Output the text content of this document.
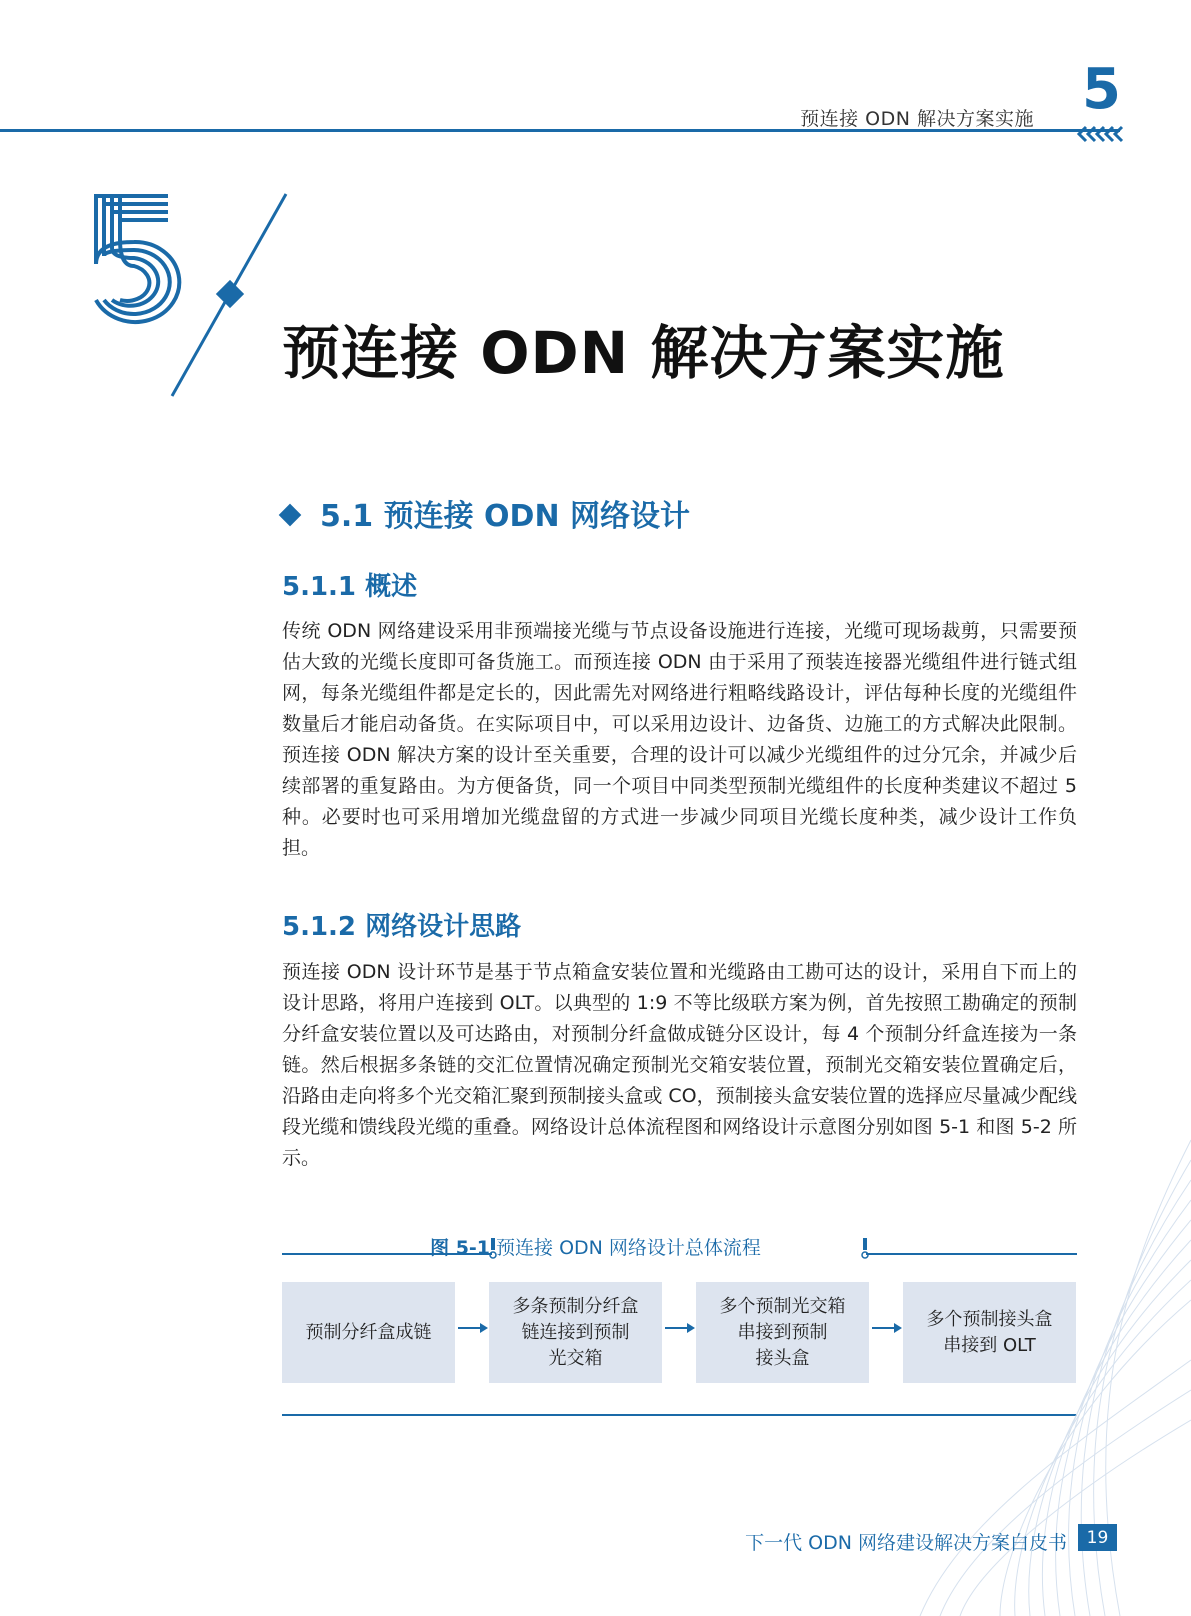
预连接 ODN 解决方案实施 5
预连接 ODN 解决方案实施
5.1 预连接 ODN 网络设计
5.1.1 概述

传统 ODN 网络建设采用非预端接光缆与节点设备设施进行连接，光缆可现场裁剪，只需要预估大致的光缆长度即可备货施工。而预连接 ODN 由于采用了预装连接器光缆组件进行链式组网，每条光缆组件都是定长的，因此需先对网络进行粗略线路设计，评估每种长度的光缆组件数量后才能启动备货。在实际项目中，可以采用边设计、边备货、边施工的方式解决此限制。预连接 ODN 解决方案的设计至关重要，合理的设计可以减少光缆组件的过分冗余，并减少后续部署的重复路由。为方便备货，同一个项目中同类型预制光缆组件的长度种类建议不超过 5 种。必要时也可采用增加光缆盘留的方式进一步减少同项目光缆长度种类，减少设计工作负担。

5.1.2 网络设计思路

预连接 ODN 设计环节是基于节点箱盒安装位置和光缆路由工勘可达的设计，采用自下而上的设计思路，将用户连接到 OLT。以典型的 1:9 不等比级联方案为例，首先按照工勘确定的预制分纤盒安装位置以及可达路由，对预制分纤盒做成链分区设计，每 4 个预制分纤盒连接为一条链。然后根据多条链的交汇位置情况确定预制光交箱安装位置，预制光交箱安装位置确定后，沿路由走向将多个光交箱汇聚到预制接头盒或 CO，预制接头盒安装位置的选择应尽量减少配线段光缆和馈线段光缆的重叠。网络设计总体流程图和网络设计示意图分别如图 5-1 和图 5-2 所示。

图 5-1 预连接 ODN 网络设计总体流程
预制分纤盒成链
多条预制分纤盒
链连接到预制
光交箱
多个预制光交箱
串接到预制
接头盒
多个预制接头盒
串接到 OLT
下一代 ODN 网络建设解决方案白皮书	19
